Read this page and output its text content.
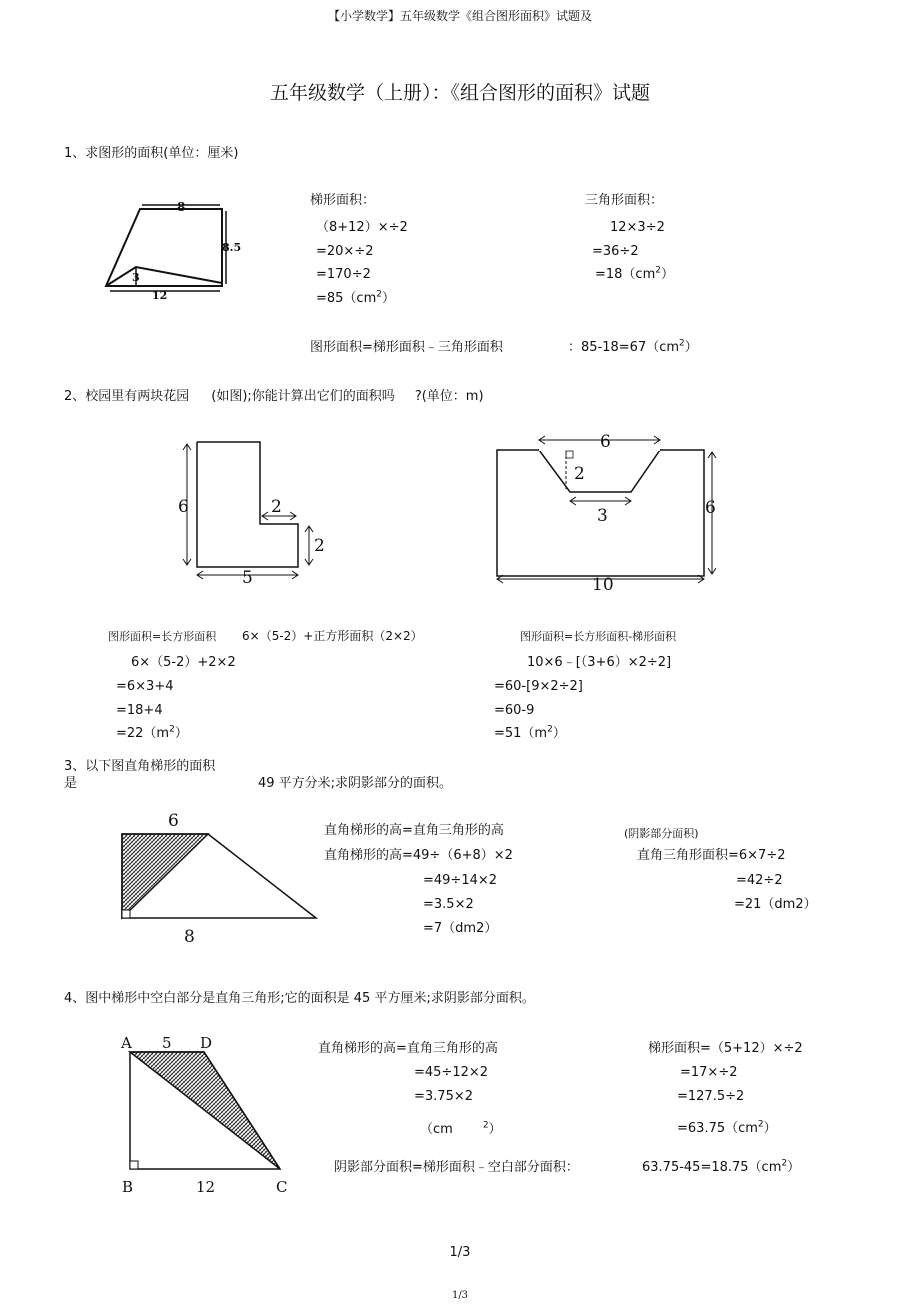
【小学数学】五年级数学《组合图形面积》试题及
五年级数学（上册）：《组合图形的面积》试题
1、求图形的面积(单位：厘米)
8
8.5
3
12
梯形面积：
（8+12）×÷2
=20×÷2
=170÷2
$=85(cm^2)$
三角形面积：
12×3÷2
=36÷2
$=18(cm^2)$
图形面积=梯形面积﹣三角形面积	：$85-18=67(cm^2)$
2、校园里有两块花园 (如图);你能计算出它们的面积吗 ?(单位：m)
6	2
2
5
6
2
3	6
10
图形面积=长方形面积 6×（5-2）+正方形面积（2×2）
6×（5-2）+2×2
=6×3+4
=18+4
$=22(m^2)$
图形面积=长方形面积-梯形面积
10×6﹣[（3+6）×2÷2]
=60-[9×2÷2]
=60-9
$=51(m^2)$
3、以下图直角梯形的面积
是	49 平方分米;求阴影部分的面积。
6
8
直角梯形的高=直角三角形的高
直角梯形的高=49÷（6+8）×2
=49÷14×2
=3.5×2
=7（dm2）
(阴影部分面积)
直角三角形面积=6×7÷2
=42÷2
=21（dm2）
4、图中梯形中空白部分是直角三角形;它的面积是 45 平方厘米;求阴影部分面积。
A 5 D
B	12	C
直角梯形的高=直角三角形的高
=45÷12×2
=3.75×2
（cm	$^2$）
梯形面积=（5+12）×÷2
=17×÷2
=127.5÷2
$=63.75(cm^2)$
阴影部分面积=梯形面积﹣空白部分面积：	$63.75-45=18.75(cm^2)$
1/3
1/3
